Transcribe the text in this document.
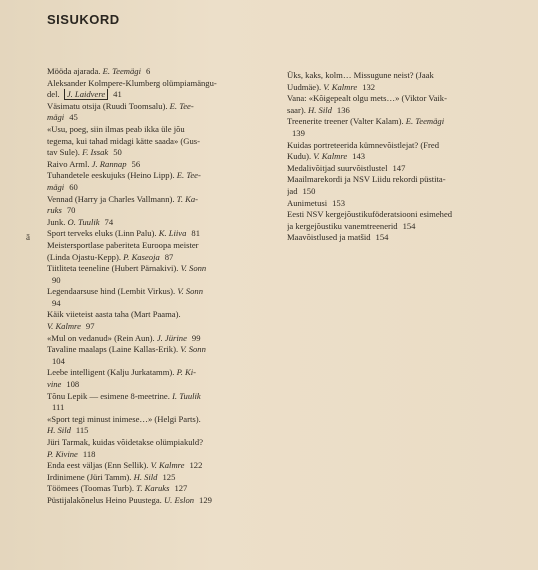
SISUKORD
Mööda ajarada. E. Teemägi 6
Aleksander Kolmpere-Klumberg olümpiamängu-
del. J. Laidvere 41
Väsimatu otsija (Ruudi Toomsalu). E. Tee-
mägi 45
«Usu, poeg, siin ilmas peab ikka üle jõu
tegema, kui tahad midagi kätte saada» (Gus-
tav Sule). F. Issak 50
Raivo Arml. J. Rannap 56
Tuhandetele eeskujuks (Heino Lipp). E. Tee-
mägi 60
Vennad (Harry ja Charles Vallmann). T. Ka-
ruks 70
Junk. O. Tuulik 74
Sport terveks eluks (Linn Palu). K. Liiva 81
Meistersportlase paberiteta Euroopa meister
(Linda Ojastu-Kepp). P. Kaseoja 87
Tiitliteta teeneline (Hubert Pärnakivi). V. Sonn
90
Legendaarsuse hind (Lembit Virkus). V. Sonn
94
Käik viieteist aasta taha (Mart Paama).
V. Kalmre 97
«Mul on vedanud» (Rein Aun). J. Jürine 99
Tavaline maalaps (Laine Kallas-Erik). V. Sonn
104
Leebe intelligent (Kalju Jurkatamm). P. Ki-
vine 108
Tõnu Lepik — esimene 8-meetrine. I. Tuulik
111
«Sport tegi minust inimese…» (Helgi Parts).
H. Sild 115
Jüri Tarmak, kuidas võidetakse olümpiakuld?
P. Kivine 118
Enda eest väljas (Enn Sellik). V. Kalmre 122
Irdinimene (Jüri Tamm). H. Sild 125
Töömees (Toomas Turb). T. Karuks 127
Püstijalakõnelus Heino Puustega. U. Eslon 129
Üks, kaks, kolm… Missugune neist? (Jaak
Uudmäe). V. Kalmre 132
Vana: «Kõigepealt olgu mets…» (Viktor Vaik-
saar). H. Sild 136
Treenerite treener (Valter Kalam). E. Teemägi
139
Kuidas portreteerida kümnevõistlejat? (Fred
Kudu). V. Kalmre 143
Medalivõitjad suurvõistlustel 147
Maailmarekordi ja NSV Liidu rekordi püstita-
jad 150
Aunimetusi 153
Eesti NSV kergejõustikuföderatsiooni esimehed
ja kergejõustiku vanemtreenerid 154
Maavõistlused ja matšid 154
ā
